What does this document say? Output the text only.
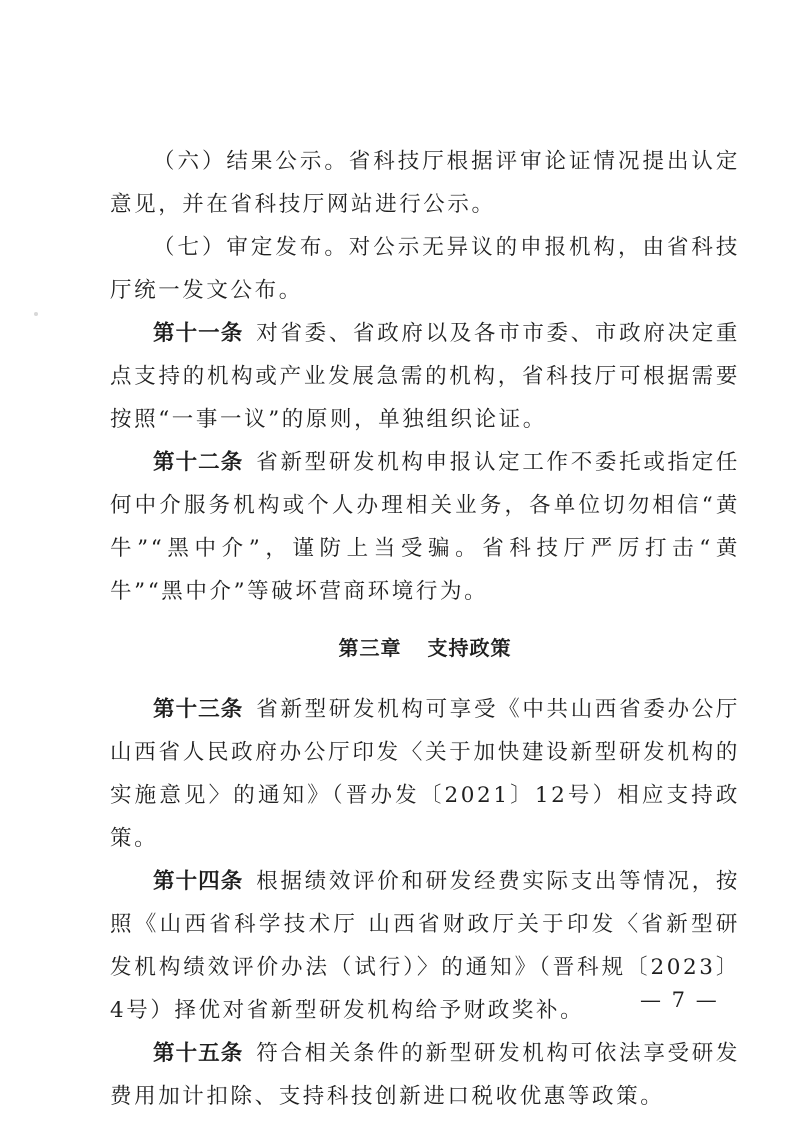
（六）结果公示。省科技厅根据评审论证情况提出认定意见，并在省科技厅网站进行公示。

（七）审定发布。对公示无异议的申报机构，由省科技厅统一发文公布。

第十一条 对省委、省政府以及各市市委、市政府决定重点支持的机构或产业发展急需的机构，省科技厅可根据需要按照“一事一议”的原则，单独组织论证。

第十二条 省新型研发机构申报认定工作不委托或指定任何中介服务机构或个人办理相关业务，各单位切勿相信“黄牛”“黑中介”，谨防上当受骗。省科技厅严厉打击“黄牛”“黑中介”等破坏营商环境行为。

第三章 支持政策

第十三条 省新型研发机构可享受《中共山西省委办公厅 山西省人民政府办公厅印发〈关于加快建设新型研发机构的实施意见〉的通知》（晋办发〔2021〕12号）相应支持政策。

第十四条 根据绩效评价和研发经费实际支出等情况，按照《山西省科学技术厅 山西省财政厅关于印发〈省新型研发机构绩效评价办法（试行）〉的通知》（晋科规〔2023〕4号）择优对省新型研发机构给予财政奖补。

第十五条 符合相关条件的新型研发机构可依法享受研发费用加计扣除、支持科技创新进口税收优惠等政策。

— 7 —
